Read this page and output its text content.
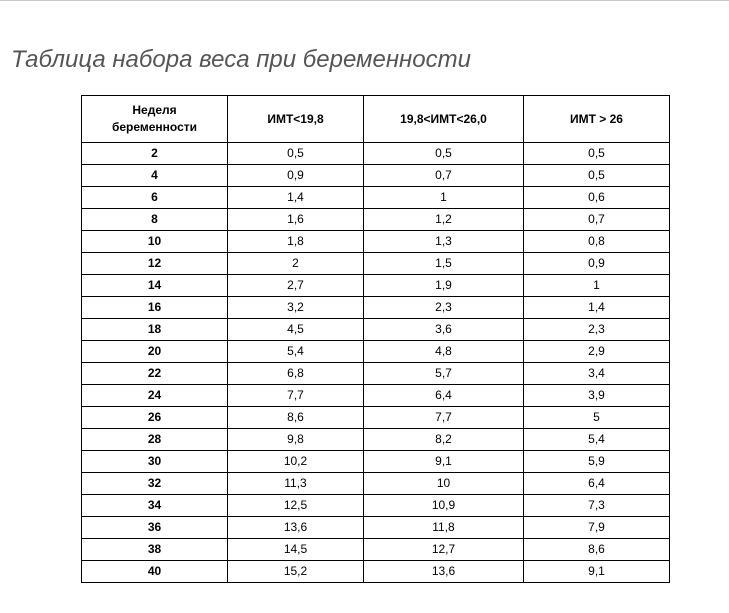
Таблица набора веса при беременности
Неделя
беременности	ИМТ<19,8	19,8<ИМТ<26,0	ИМТ > 26
2	0,5	0,5	0,5
4	0,9	0,7	0,5
6	1,4	1	0,6
8	1,6	1,2	0,7
10	1,8	1,3	0,8
12	2	1,5	0,9
14	2,7	1,9	1
16	3,2	2,3	1,4
18	4,5	3,6	2,3
20	5,4	4,8	2,9
22	6,8	5,7	3,4
24	7,7	6,4	3,9
26	8,6	7,7	5
28	9,8	8,2	5,4
30	10,2	9,1	5,9
32	11,3	10	6,4
34	12,5	10,9	7,3
36	13,6	11,8	7,9
38	14,5	12,7	8,6
40	15,2	13,6	9,1
